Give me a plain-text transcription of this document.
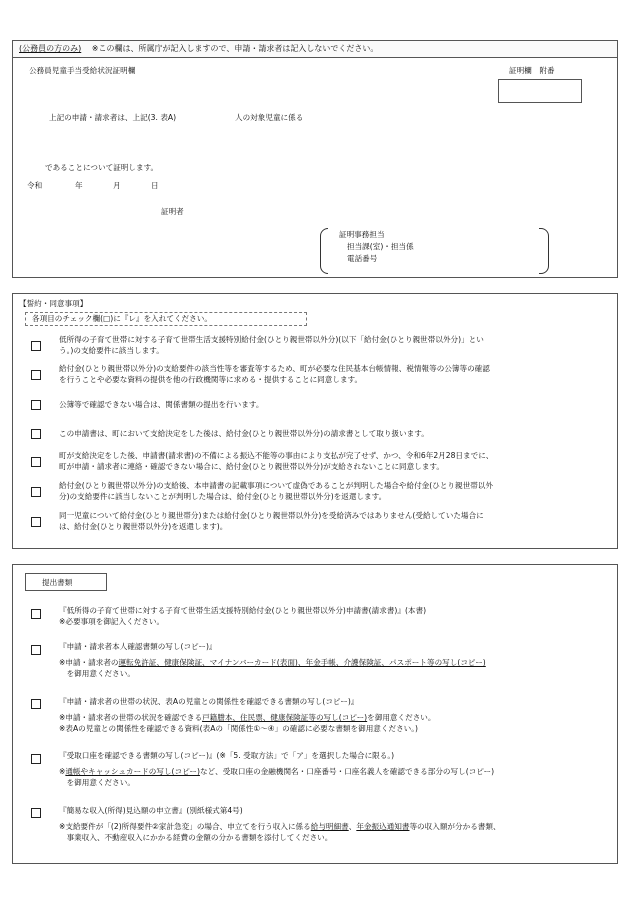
(公務員の方のみ) ※この欄は、所属庁が記入しますので、申請・請求者は記入しないでください。
公務員児童手当受給状況証明欄	証明欄　附番
上記の申請・請求者は、上記(3. 表A)	人の対象児童に係る
であることについて証明します。
令和	年	月	日
証明者
証明事務担当
担当課(室)・担当係
電話番号
【誓約・同意事項】
各項目のチェック欄(□)に『レ』を入れてください。
低所得の子育て世帯に対する子育て世帯生活支援特別給付金(ひとり親世帯以外分)(以下「給付金(ひとり親世帯以外分)」とい
う。)の支給要件に該当します。
給付金(ひとり親世帯以外分)の支給要件の該当性等を審査等するため、町が必要な住民基本台帳情報、税情報等の公簿等の確認
を行うことや必要な資料の提供を他の行政機関等に求める・提供することに同意します。
公簿等で確認できない場合は、関係書類の提出を行います。
この申請書は、町において支給決定をした後は、給付金(ひとり親世帯以外分)の請求書として取り扱います。
町が支給決定をした後、申請書(請求書)の不備による振込不能等の事由により支払が完了せず、かつ、令和6年2月28日までに、
町が申請・請求者に連絡・確認できない場合に、給付金(ひとり親世帯以外分)が支給されないことに同意します。
給付金(ひとり親世帯以外分)の支給後、本申請書の記載事項について虚偽であることが判明した場合や給付金(ひとり親世帯以外
分)の支給要件に該当しないことが判明した場合は、給付金(ひとり親世帯以外分)を返還します。
同一児童について給付金(ひとり親世帯分)または給付金(ひとり親世帯以外分)を受給済みではありません(受給していた場合に
は、給付金(ひとり親世帯以外分)を返還します)。
提出書類
『低所得の子育て世帯に対する子育て世帯生活支援特別給付金(ひとり親世帯以外分)申請書(請求書)』(本書)
※必要事項を御記入ください。
『申請・請求者本人確認書類の写し(コピー)』
※申請・請求者の運転免許証、健康保険証、マイナンバーカード(表面)、年金手帳、介護保険証、パスポート等の写し(コピー)
　を御用意ください。
『申請・請求者の世帯の状況、表Aの児童との関係性を確認できる書類の写し(コピー)』
※申請・請求者の世帯の状況を確認できる戸籍謄本、住民票、健康保険証等の写し(コピー)を御用意ください。
※表Aの児童との関係性を確認できる資料(表Aの「関係性①～④」の確認に必要な書類を御用意ください。)
『受取口座を確認できる書類の写し(コピー)』(※「5. 受取方法」で「ア」を選択した場合に限る。)
※通帳やキャッシュカードの写し(コピー)など、受取口座の金融機関名・口座番号・口座名義人を確認できる部分の写し(コピー)
　を御用意ください。
『簡易な収入(所得)見込額の申立書』(別紙様式第4号)
※支給要件が「(2)所得要件②家計急変」の場合、申立てを行う収入に係る給与明細書、年金振込通知書等の収入額が分かる書類、
　事業収入、不動産収入にかかる経費の金額の分かる書類を添付してください。
